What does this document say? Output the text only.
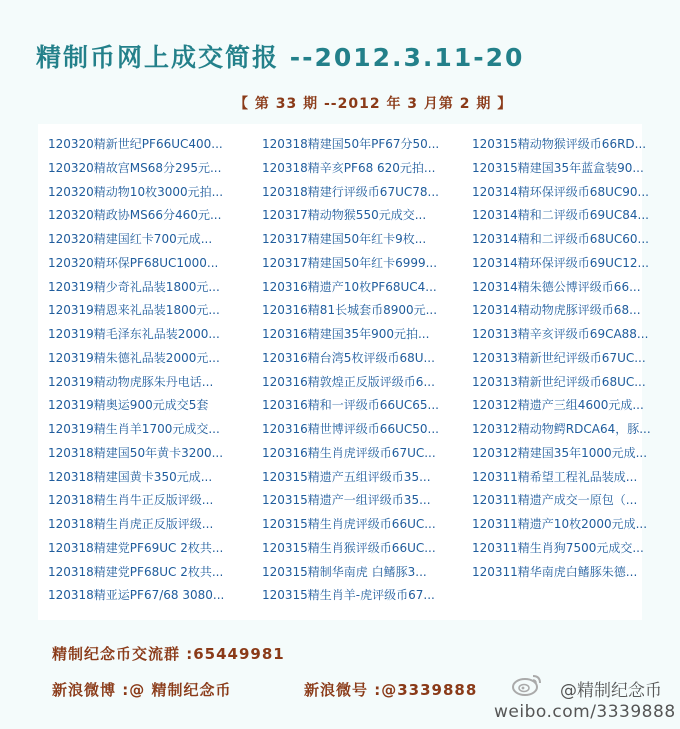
精制币网上成交简报 --2012.3.11-20
【 第 33 期 --2012 年 3 月第 2 期 】
120320精新世纪PF66UC400...
120320精故宫MS68分295元...
120320精动物10枚3000元拍...
120320精政协MS66分460元...
120320精建国红卡700元成...
120320精环保PF68UC1000...
120319精少奇礼品装1800元...
120319精恩来礼品装1800元...
120319精毛泽东礼品装2000...
120319精朱德礼品装2000元...
120319精动物虎豚朱丹电话...
120319精奥运900元成交5套
120319精生肖羊1700元成交...
120318精建国50年黄卡3200...
120318精建国黄卡350元成...
120318精生肖牛正反版评级...
120318精生肖虎正反版评级...
120318精建党PF69UC 2枚共...
120318精建党PF68UC 2枚共...
120318精亚运PF67/68 3080...
120318精建国50年PF67分50...
120318精辛亥PF68 620元拍...
120318精建行评级币67UC78...
120317精动物猴550元成交...
120317精建国50年红卡9枚...
120317精建国50年红卡6999...
120316精遗产10枚PF68UC4...
120316精81长城套币8900元...
120316精建国35年900元拍...
120316精台湾5枚评级币68U...
120316精敦煌正反版评级币6...
120316精和一评级币66UC65...
120316精世博评级币66UC50...
120316精生肖虎评级币67UC...
120315精遗产五组评级币35...
120315精遗产一组评级币35...
120315精生肖虎评级币66UC...
120315精生肖猴评级币66UC...
120315精制华南虎 白鳍豚3...
120315精生肖羊-虎评级币67...
120315精动物猴评级币66RD...
120315精建国35年蓝盒装90...
120314精环保评级币68UC90...
120314精和二评级币69UC84...
120314精和二评级币68UC60...
120314精环保评级币69UC12...
120314精朱德公博评级币66...
120314精动物虎豚评级币68...
120313精辛亥评级币69CA88...
120313精新世纪评级币67UC...
120313精新世纪评级币68UC...
120312精遗产三组4600元成...
120312精动物鳄RDCA64，豚...
120312精建国35年1000元成...
120311精希望工程礼品装成...
120311精遗产成交一原包（...
120311精遗产10枚2000元成...
120311精生肖狗7500元成交...
120311精华南虎白鳍豚朱德...
精制纪念币交流群 :65449981
新浪微博 :@ 精制纪念币	新浪微号 :@3339888	@精制纪念币
weibo.com/3339888
